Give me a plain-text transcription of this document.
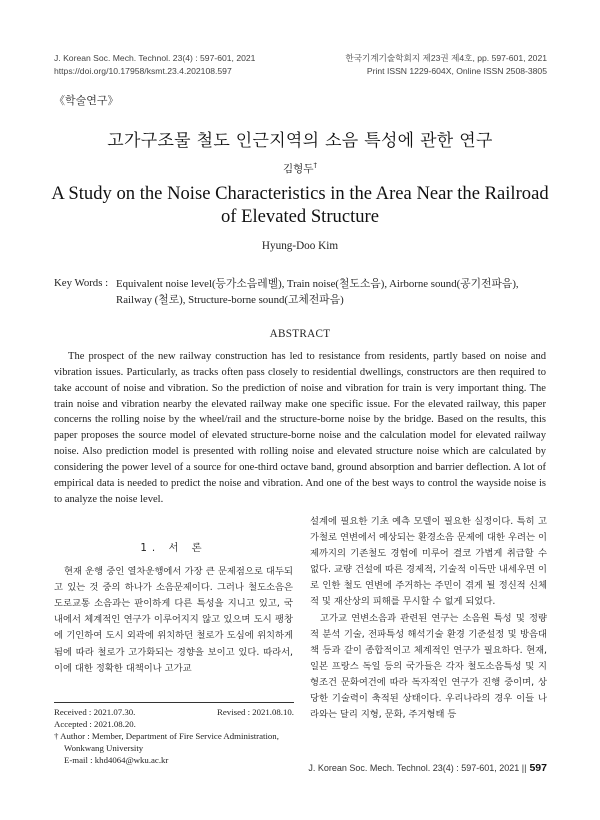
J. Korean Soc. Mech. Technol. 23(4) : 597-601, 2021
https://doi.org/10.17958/ksmt.23.4.202108.597
한국기계기술학회지 제23권 제4호, pp. 597-601, 2021
Print ISSN 1229-604X, Online ISSN 2508-3805
《학술연구》
고가구조물 철도 인근지역의 소음 특성에 관한 연구
김형두†
A Study on the Noise Characteristics in the Area Near the Railroad
of Elevated Structure
Hyung-Doo Kim
Key Words : Equivalent noise level(등가소음레벨), Train noise(철도소음), Airborne sound(공기전파음), Railway (철로), Structure-borne sound(고체전파음)
ABSTRACT
The prospect of the new railway construction has led to resistance from residents, partly based on noise and vibration issues. Particularly, as tracks often pass closely to residential dwellings, constructors are then required to take account of noise and vibration. So the prediction of noise and vibration for train is very important thing. The train noise and vibration nearby the elevated railway make one specific issue. For the elevated railway, this paper concerns the rolling noise by the wheel/rail and the structure-borne noise by the bridge. Based on the results, this paper proposes the source model of elevated structure-borne noise and the calculation model for elevated railway noise. Also prediction model is presented with rolling noise and elevated structure noise which are calculated by considering the power level of a source for one-third octave band, ground absorption and barrier deflection. A lot of empirical data is needed to predict the noise and vibration. And one of the best ways to control the wayside noise is to analyze the noise level.
1. 서 론

현재 운행 중인 열차운행에서 가장 큰 문제점으로 대두되고 있는 것 중의 하나가 소음문제이다. 그러나 철도소음은 도로교통 소음과는 판이하게 다른 특성을 지니고 있고, 국내에서 체계적인 연구가 이루어지지 않고 있으며 도시 팽창에 기인하여 도시 외곽에 위치하던 철로가 도심에 위치하게 됨에 따라 철로가 고가화되는 경향을 보이고 있다. 따라서, 이에 대한 정확한 대책이나 고가교

설계에 필요한 기초 예측 모델이 필요한 실정이다. 특히 고가철로 연변에서 예상되는 환경소음 문제에 대한 우려는 이제까지의 기존철도 경험에 미루어 결코 가볍게 취급할 수 없다. 교량 건설에 따른 경제적, 기술적 이득만 내세우면 이로 인한 철도 연변에 주거하는 주민이 겪게 될 정신적 신체적 및 재산상의 피해를 무시할 수 없게 되었다.

고가교 연변소음과 관련된 연구는 소음원 특성 및 정량적 분석 기술, 전파특성 해석기술 환경 기준설정 및 방음대책 등과 같이 종합적이고 체계적인 연구가 필요하다. 현재, 일본 프랑스 독일 등의 국가들은 각자 철도소음특성 및 지형조건 문화여건에 따라 독자적인 연구가 진행 중이며, 상당한 기술력이 축적된 상태이다. 우리나라의 경우 이들 나라와는 달리 지형, 문화, 주거형태 등

Received : 2021.07.30.	Revised : 2021.08.10.
Accepted : 2021.08.20.
† Author : Member, Department of Fire Service Administration, Wonkwang University
E-mail : khd4064@wku.ac.kr
J. Korean Soc. Mech. Technol. 23(4) : 597-601, 2021 || 597
